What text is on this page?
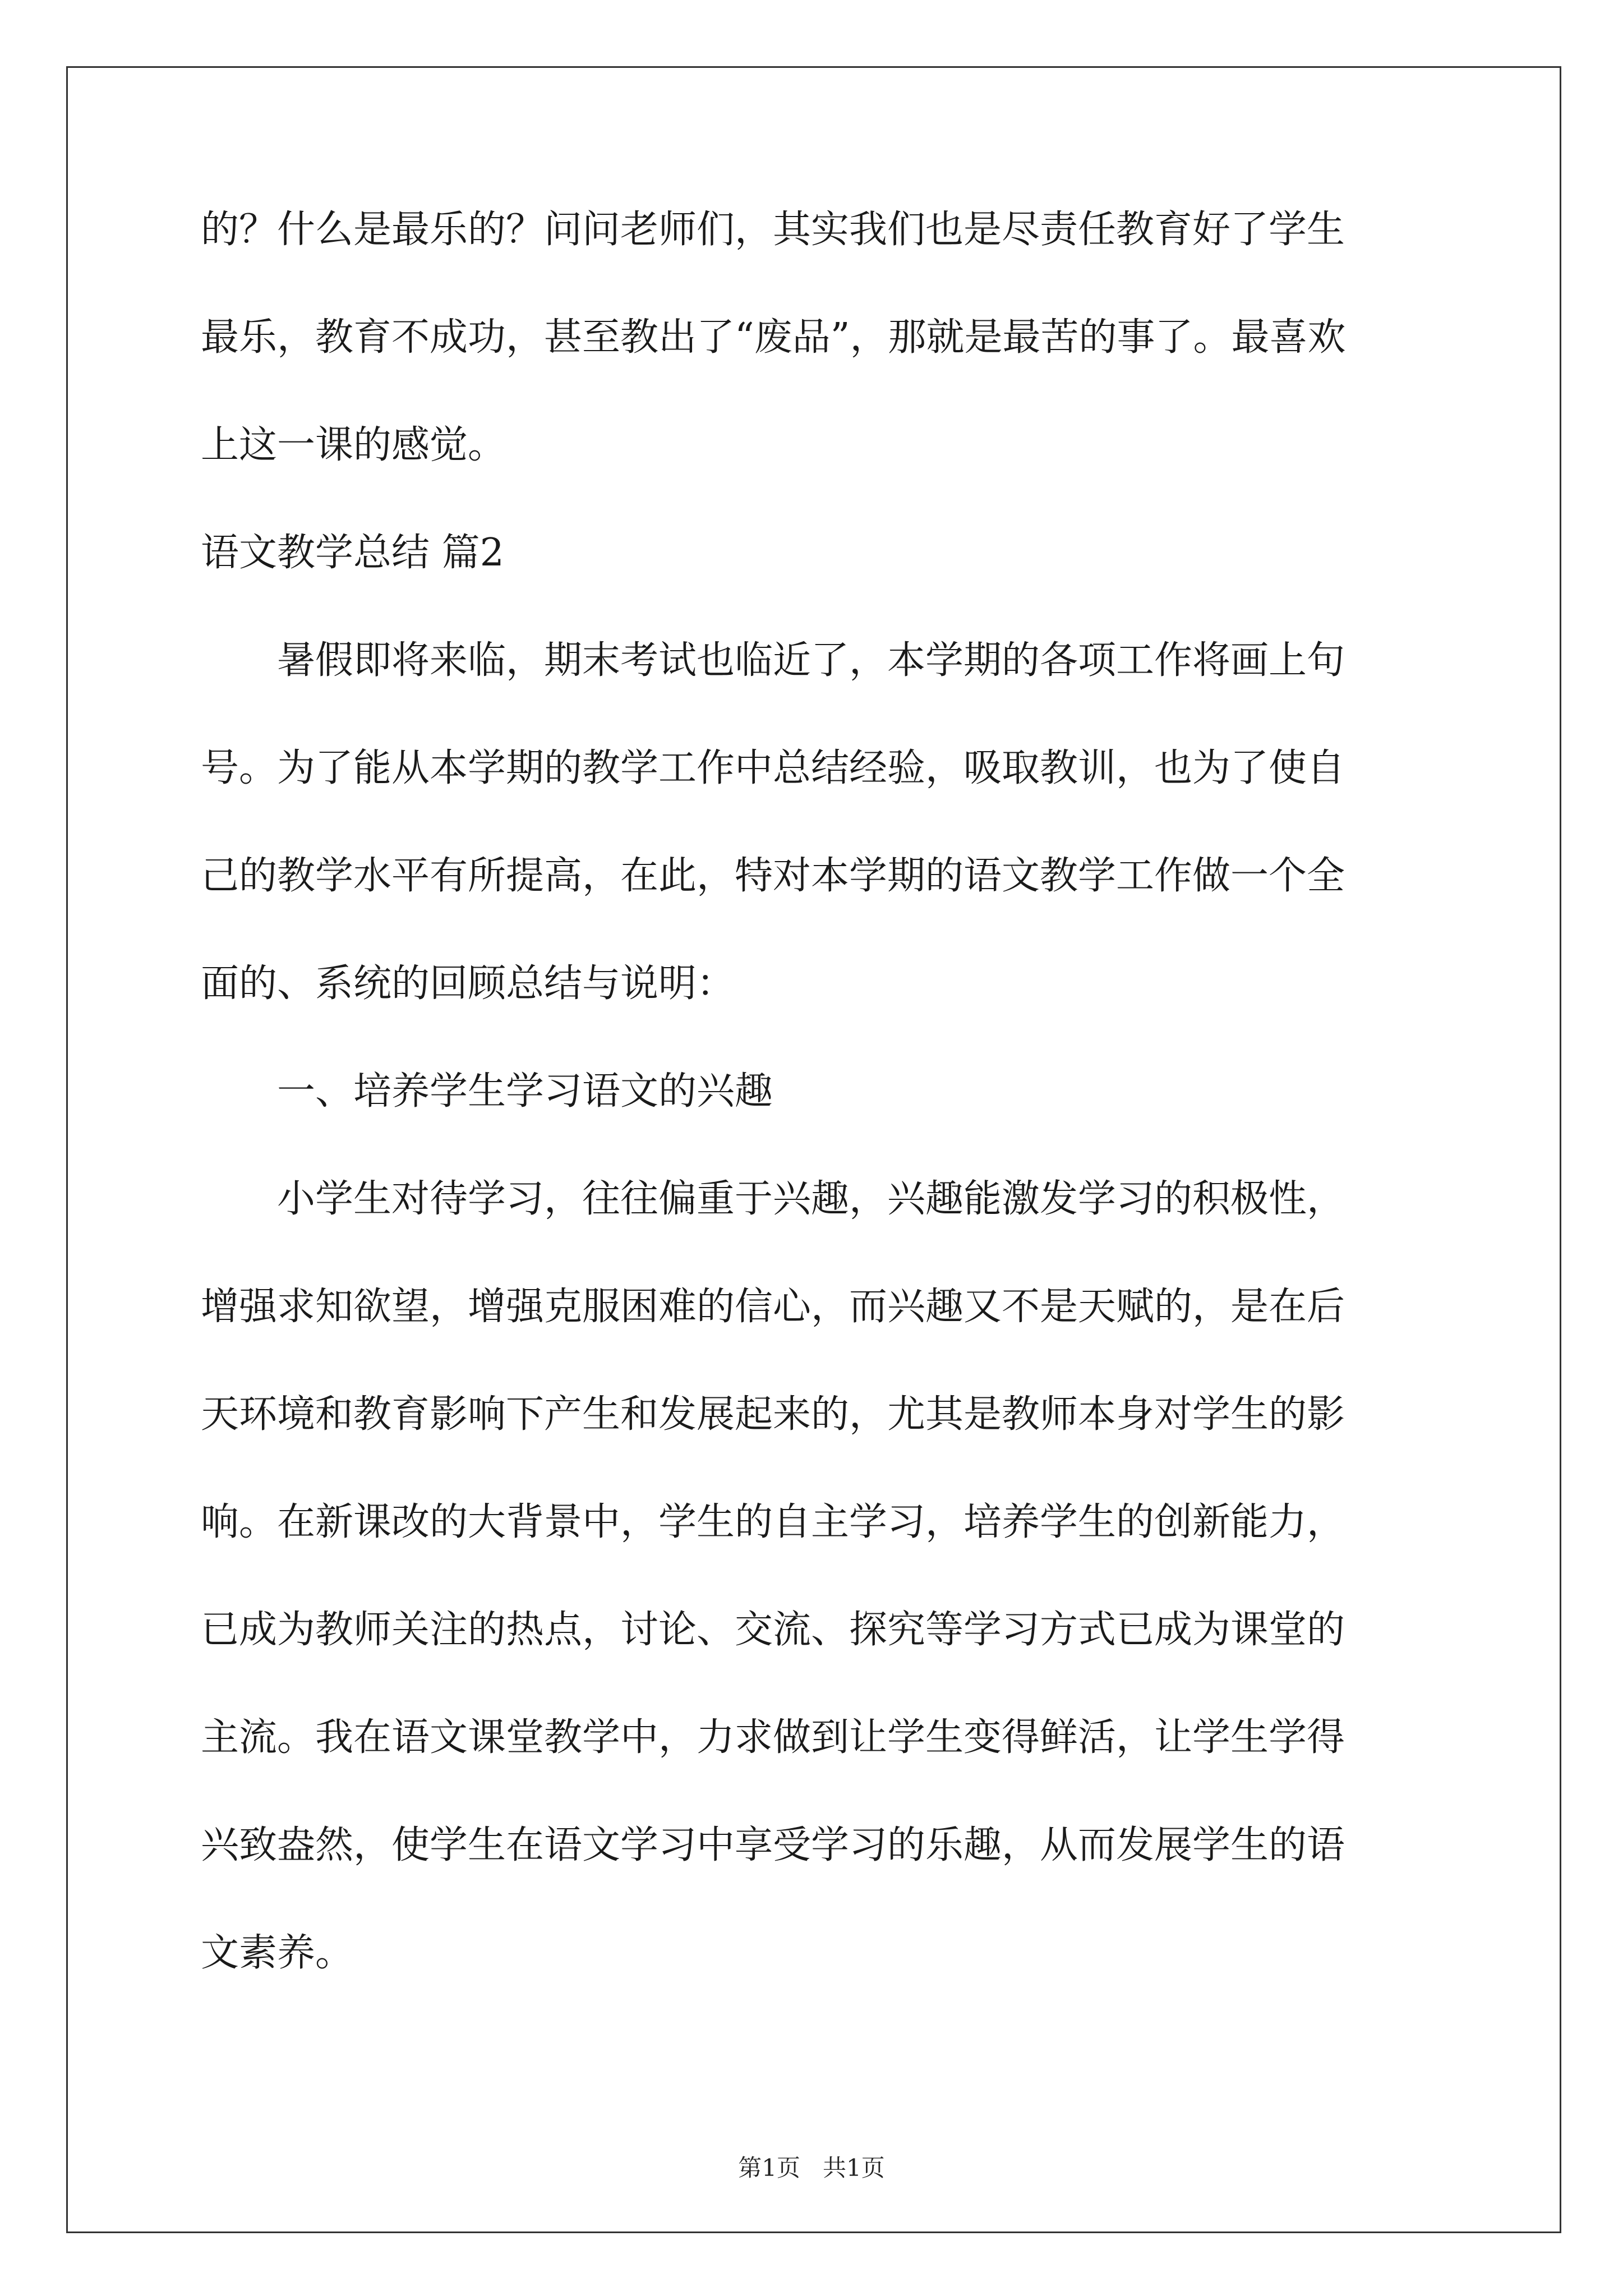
的？什么是最乐的？问问老师们，其实我们也是尽责任教育好了学生
最乐，教育不成功，甚至教出了“废品”，那就是最苦的事了。最喜欢
上这一课的感觉。
语文教学总结 篇2
暑假即将来临，期末考试也临近了，本学期的各项工作将画上句
号。为了能从本学期的教学工作中总结经验，吸取教训，也为了使自
己的教学水平有所提高，在此，特对本学期的语文教学工作做一个全
面的、系统的回顾总结与说明：
一、培养学生学习语文的兴趣
小学生对待学习，往往偏重于兴趣，兴趣能激发学习的积极性，
增强求知欲望，增强克服困难的信心，而兴趣又不是天赋的，是在后
天环境和教育影响下产生和发展起来的，尤其是教师本身对学生的影
响。在新课改的大背景中，学生的自主学习，培养学生的创新能力，
已成为教师关注的热点，讨论、交流、探究等学习方式已成为课堂的
主流。我在语文课堂教学中，力求做到让学生变得鲜活，让学生学得
兴致盎然，使学生在语文学习中享受学习的乐趣，从而发展学生的语
文素养。
第1页 共1页
